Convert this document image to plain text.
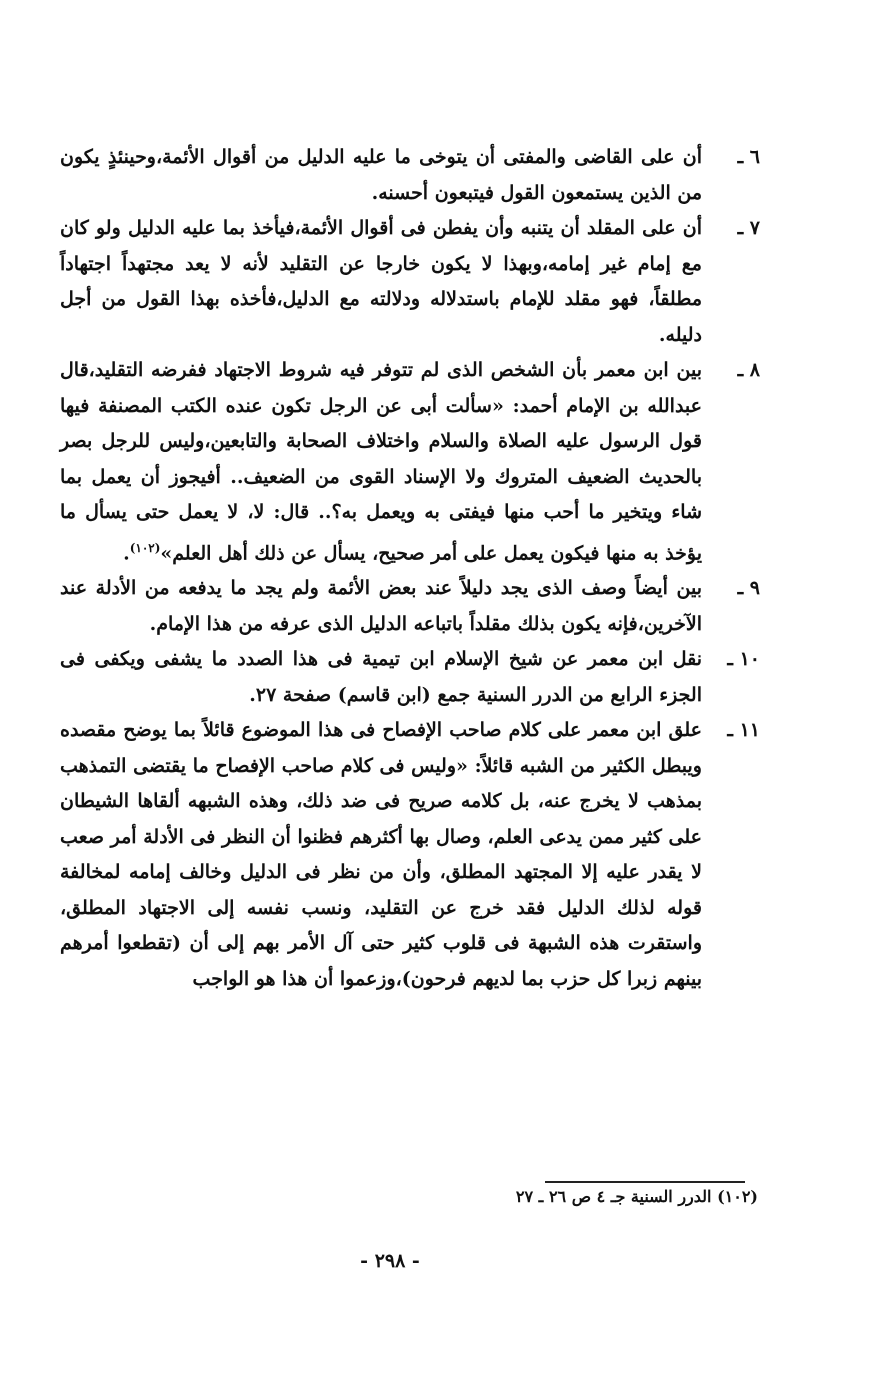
٦ ـ
أن على القاضى والمفتى أن يتوخى ما عليه الدليل من أقوال الأئمة،وحينئذٍ يكون من الذين يستمعون القول فيتبعون أحسنه.
٧ ـ
أن على المقلد أن يتنبه وأن يفطن فى أقوال الأئمة،فيأخذ بما عليه الدليل ولو كان مع إمام غير إمامه،وبهذا لا يكون خارجا عن التقليد لأنه لا يعد مجتهداً اجتهاداً مطلقاً، فهو مقلد للإمام باستدلاله ودلالته مع الدليل،فأخذه بهذا القول من أجل دليله.
٨ ـ
بين ابن معمر بأن الشخص الذى لم تتوفر فيه شروط الاجتهاد ففرضه التقليد،قال عبدالله بن الإمام أحمد: «سألت أبى عن الرجل تكون عنده الكتب المصنفة فيها قول الرسول عليه الصلاة والسلام واختلاف الصحابة والتابعين،وليس للرجل بصر بالحديث الضعيف المتروك ولا الإسناد القوى من الضعيف.. أفيجوز أن يعمل بما شاء ويتخير ما أحب منها فيفتى به ويعمل به؟.. قال: لا، لا يعمل حتى يسأل ما يؤخذ به منها فيكون يعمل على أمر صحيح، يسأل عن ذلك أهل العلم»$^{(١٠٢)}$.
٩ ـ
بين أيضاً وصف الذى يجد دليلاً عند بعض الأئمة ولم يجد ما يدفعه من الأدلة عند الآخرين،فإنه يكون بذلك مقلداً باتباعه الدليل الذى عرفه من هذا الإمام.
١٠ ـ
نقل ابن معمر عن شيخ الإسلام ابن تيمية فى هذا الصدد ما يشفى ويكفى فى الجزء الرابع من الدرر السنية جمع (ابن قاسم) صفحة ٢٧.
١١ ـ
علق ابن معمر على كلام صاحب الإفصاح فى هذا الموضوع قائلاً بما يوضح مقصده ويبطل الكثير من الشبه قائلاً: «وليس فى كلام صاحب الإفصاح ما يقتضى التمذهب بمذهب لا يخرج عنه، بل كلامه صريح فى ضد ذلك، وهذه الشبهه ألقاها الشيطان على كثير ممن يدعى العلم، وصال بها أكثرهم فظنوا أن النظر فى الأدلة أمر صعب لا يقدر عليه إلا المجتهد المطلق، وأن من نظر فى الدليل وخالف إمامه لمخالفة قوله لذلك الدليل فقد خرج عن التقليد، ونسب نفسه إلى الاجتهاد المطلق، واستقرت هذه الشبهة فى قلوب كثير حتى آل الأمر بهم إلى أن (تقطعوا أمرهم بينهم زبرا كل حزب بما لديهم فرحون)،وزعموا أن هذا هو الواجب
(١٠٢) الدرر السنية جـ ٤ ص ٢٦ ـ ٢٧
- ٢٩٨ -
